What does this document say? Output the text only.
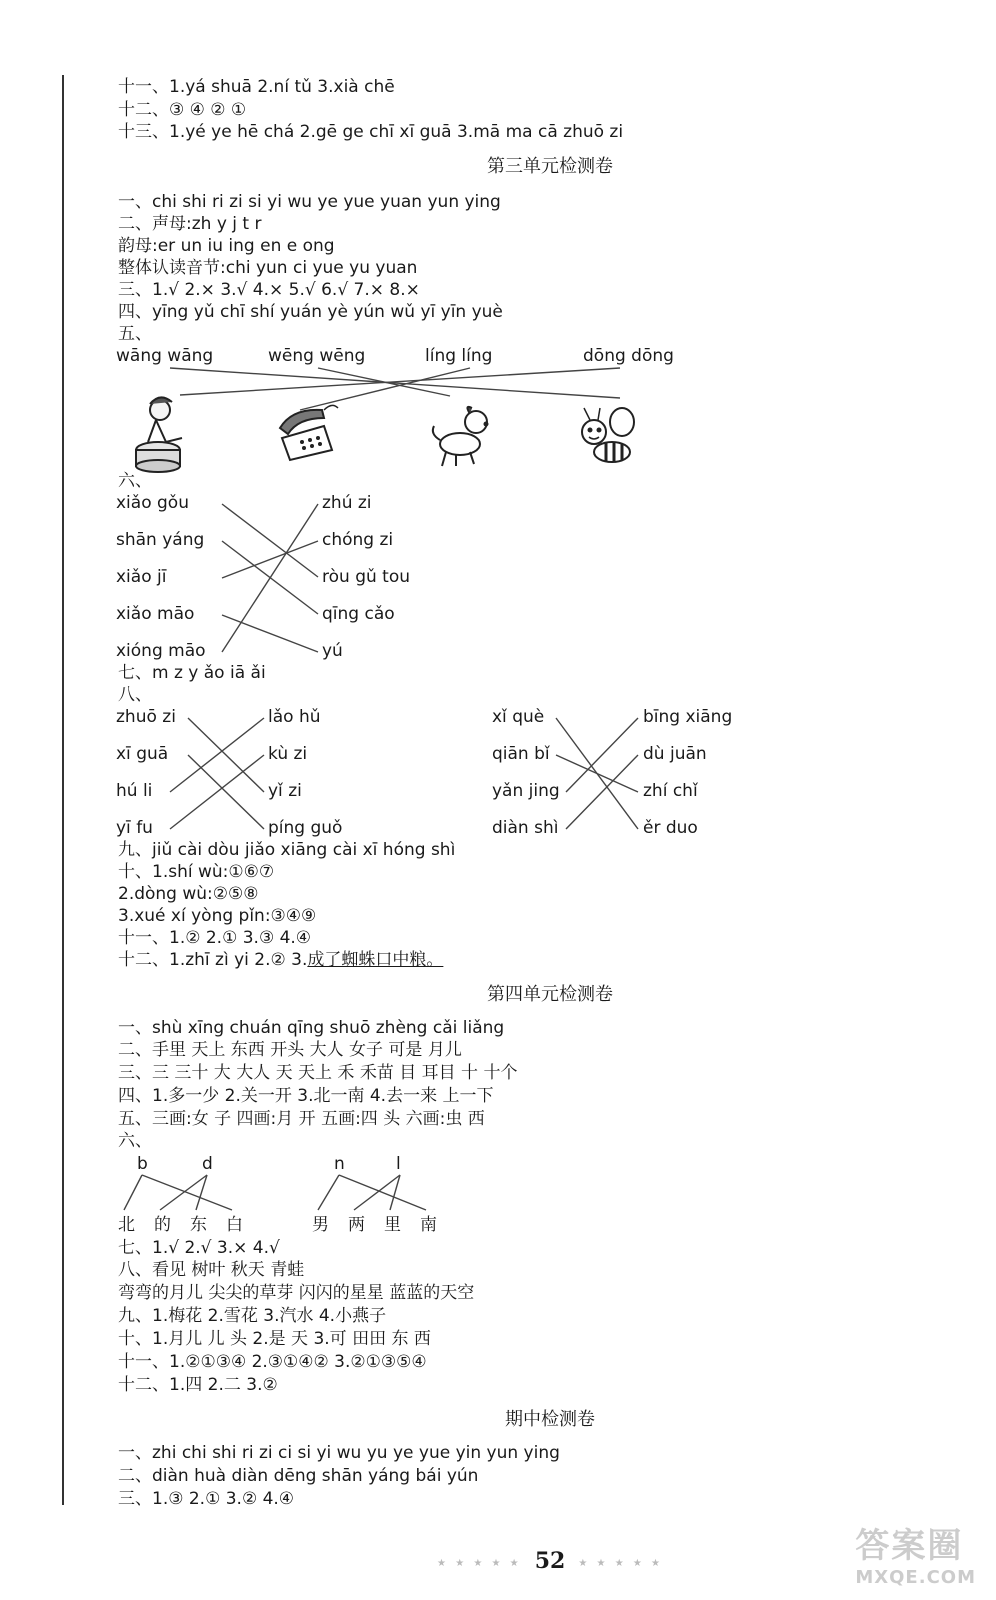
十一、1.yá shuā 2.ní tǔ 3.xià chē
十二、③ ④ ② ①
十三、1.yé ye hē chá 2.gē ge chī xī guā 3.mā ma cā zhuō zi
第三单元检测卷
一、chi shi ri zi si yi wu ye yue yuan yun ying
二、声母:zh y j t r
韵母:er un iu ing en e ong
整体认读音节:chi yun ci yue yu yuan
三、1.√ 2.× 3.√ 4.× 5.√ 6.√ 7.× 8.×
四、yīng yǔ chī shí yuán yè yún wǔ yī yīn yuè
五、
wāng wāng	wēng wēng	líng líng	dōng dōng
六、
xiǎo gǒu
shān yáng
xiǎo jī
xiǎo māo
xióng māo
zhú zi
chóng zi
ròu gǔ tou
qīng cǎo
yú
七、m z y ǎo iā ǎi
八、
zhuō zi
xī guā
hú li
yī fu
lǎo hǔ
kù zi
yǐ zi
píng guǒ
xǐ què
qiān bǐ
yǎn jing
diàn shì
bīng xiāng
dù juān
zhí chǐ
ěr duo
九、jiǔ cài dòu jiǎo xiāng cài xī hóng shì
十、1.shí wù:①⑥⑦
2.dòng wù:②⑤⑧
3.xué xí yòng pǐn:③④⑨
十一、1.② 2.① 3.③ 4.④
十二、1.zhī zì yi 2.② 3.成了蜘蛛口中粮。
第四单元检测卷
一、shù xīng chuán qīng shuō zhèng cǎi liǎng
二、手里 天上 东西 开头 大人 女子 可是 月儿
三、三 三十 大 大人 天 天上 禾 禾苗 目 耳目 十 十个
四、1.多一少 2.关一开 3.北一南 4.去一来 上一下
五、三画:女 子 四画:月 开 五画:四 头 六画:虫 西
六、
b	d	n	l
北 的 东 白	男 两 里 南
七、1.√ 2.√ 3.× 4.√
八、看见 树叶 秋天 青蛙
弯弯的月儿 尖尖的草芽 闪闪的星星 蓝蓝的天空
九、1.梅花 2.雪花 3.汽水 4.小燕子
十、1.月儿 儿 头 2.是 天 3.可 田田 东 西
十一、1.②①③④ 2.③①④② 3.②①③⑤④
十二、1.四 2.二 3.②
期中检测卷
一、zhi chi shi ri zi ci si yi wu yu ye yue yin yun ying
二、diàn huà diàn dēng shān yáng bái yún
三、1.③ 2.① 3.② 4.④
★ ★ ★ ★ ★ 52 ★ ★ ★ ★ ★	答案圈
MXQE.COM
